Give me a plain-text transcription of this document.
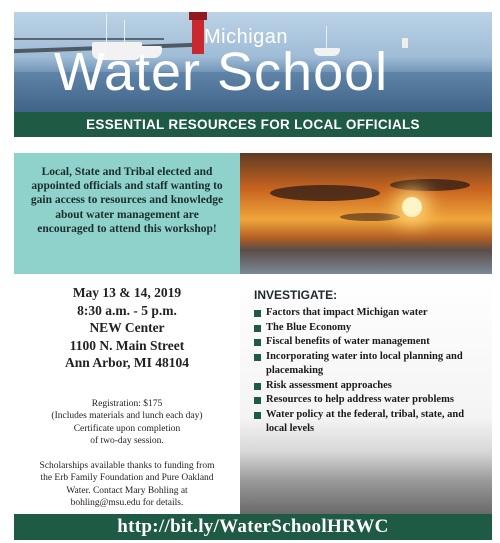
Michigan
Water School
ESSENTIAL RESOURCES FOR LOCAL OFFICIALS
Local, State and Tribal elected and appointed officials and staff wanting to gain access to resources and knowledge about water management are encouraged to attend this workshop!
May 13 & 14, 2019
8:30 a.m. - 5 p.m.
NEW Center
1100 N. Main Street
Ann Arbor, MI 48104
Registration: $175
(Includes materials and lunch each day)
Certificate upon completion
of two-day session.
Scholarships available thanks to funding from
the Erb Family Foundation and Pure Oakland
Water. Contact Mary Bohling at
bohling@msu.edu for details.
INVESTIGATE:
Factors that impact Michigan water
The Blue Economy
Fiscal benefits of water management
Incorporating water into local planning and placemaking
Risk assessment approaches
Resources to help address water problems
Water policy at the federal, tribal, state, and local levels
http://bit.ly/WaterSchoolHRWC
